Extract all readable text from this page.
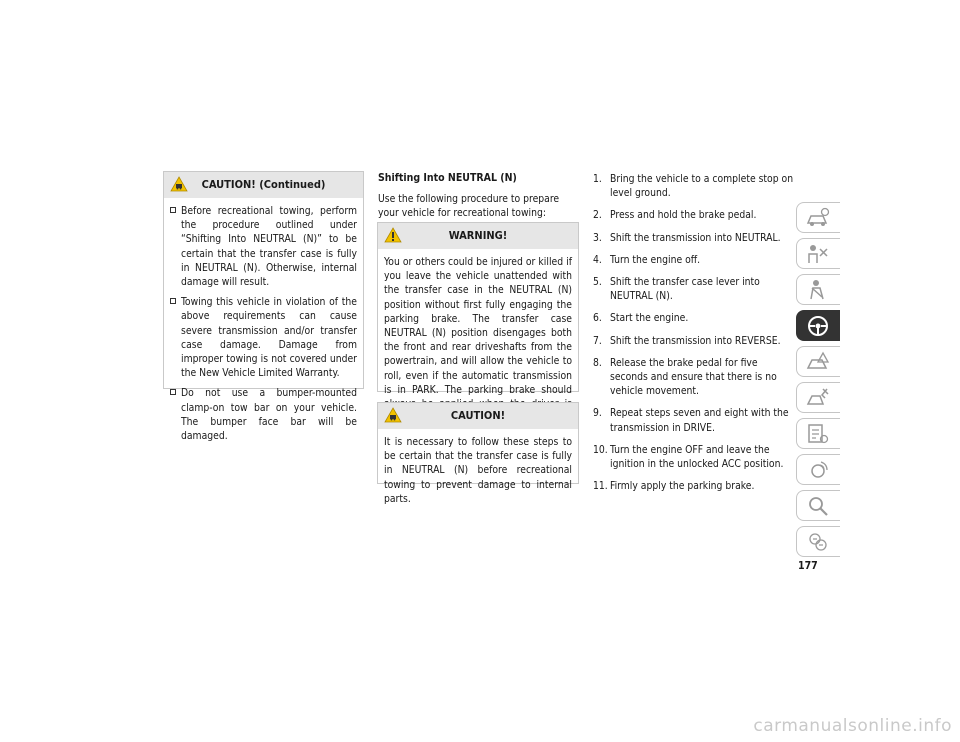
CAUTION! (Continued)
Before recreational towing, perform the procedure outlined under “Shifting Into NEUTRAL (N)” to be certain that the transfer case is fully in NEUTRAL (N). Otherwise, internal damage will result.
Towing this vehicle in violation of the above requirements can cause severe transmission and/or transfer case damage. Damage from improper towing is not covered under the New Vehicle Limited Warranty.
Do not use a bumper-mounted clamp-on tow bar on your vehicle. The bumper face bar will be damaged.
Shifting Into NEUTRAL (N)
Use the following procedure to prepare your vehicle for recreational towing:
WARNING!
You or others could be injured or killed if you leave the vehicle unattended with the transfer case in the NEUTRAL (N) position without first fully engaging the parking brake. The transfer case NEUTRAL (N) position disengages both the front and rear driveshafts from the powertrain, and will allow the vehicle to roll, even if the automatic transmission is in PARK. The parking brake should
CAUTION!
It is necessary to follow these steps to be certain that the transfer case is fully in NEUTRAL (N) before recreational towing to prevent damage to internal parts.
1. Bring the vehicle to a complete stop on level ground.
2. Press and hold the brake pedal.
3. Shift the transmission into NEUTRAL.
4. Turn the engine off.
5. Shift the transfer case lever into NEUTRAL (N).
6. Start the engine.
7. Shift the transmission into REVERSE.
8. Release the brake pedal for five seconds and ensure that there is no vehicle movement.
9. Repeat steps seven and eight with the transmission in DRIVE.
10. Turn the engine OFF and leave the ignition in the unlocked ACC position.
11. Firmly apply the parking brake.
177
carmanualsonline.info
